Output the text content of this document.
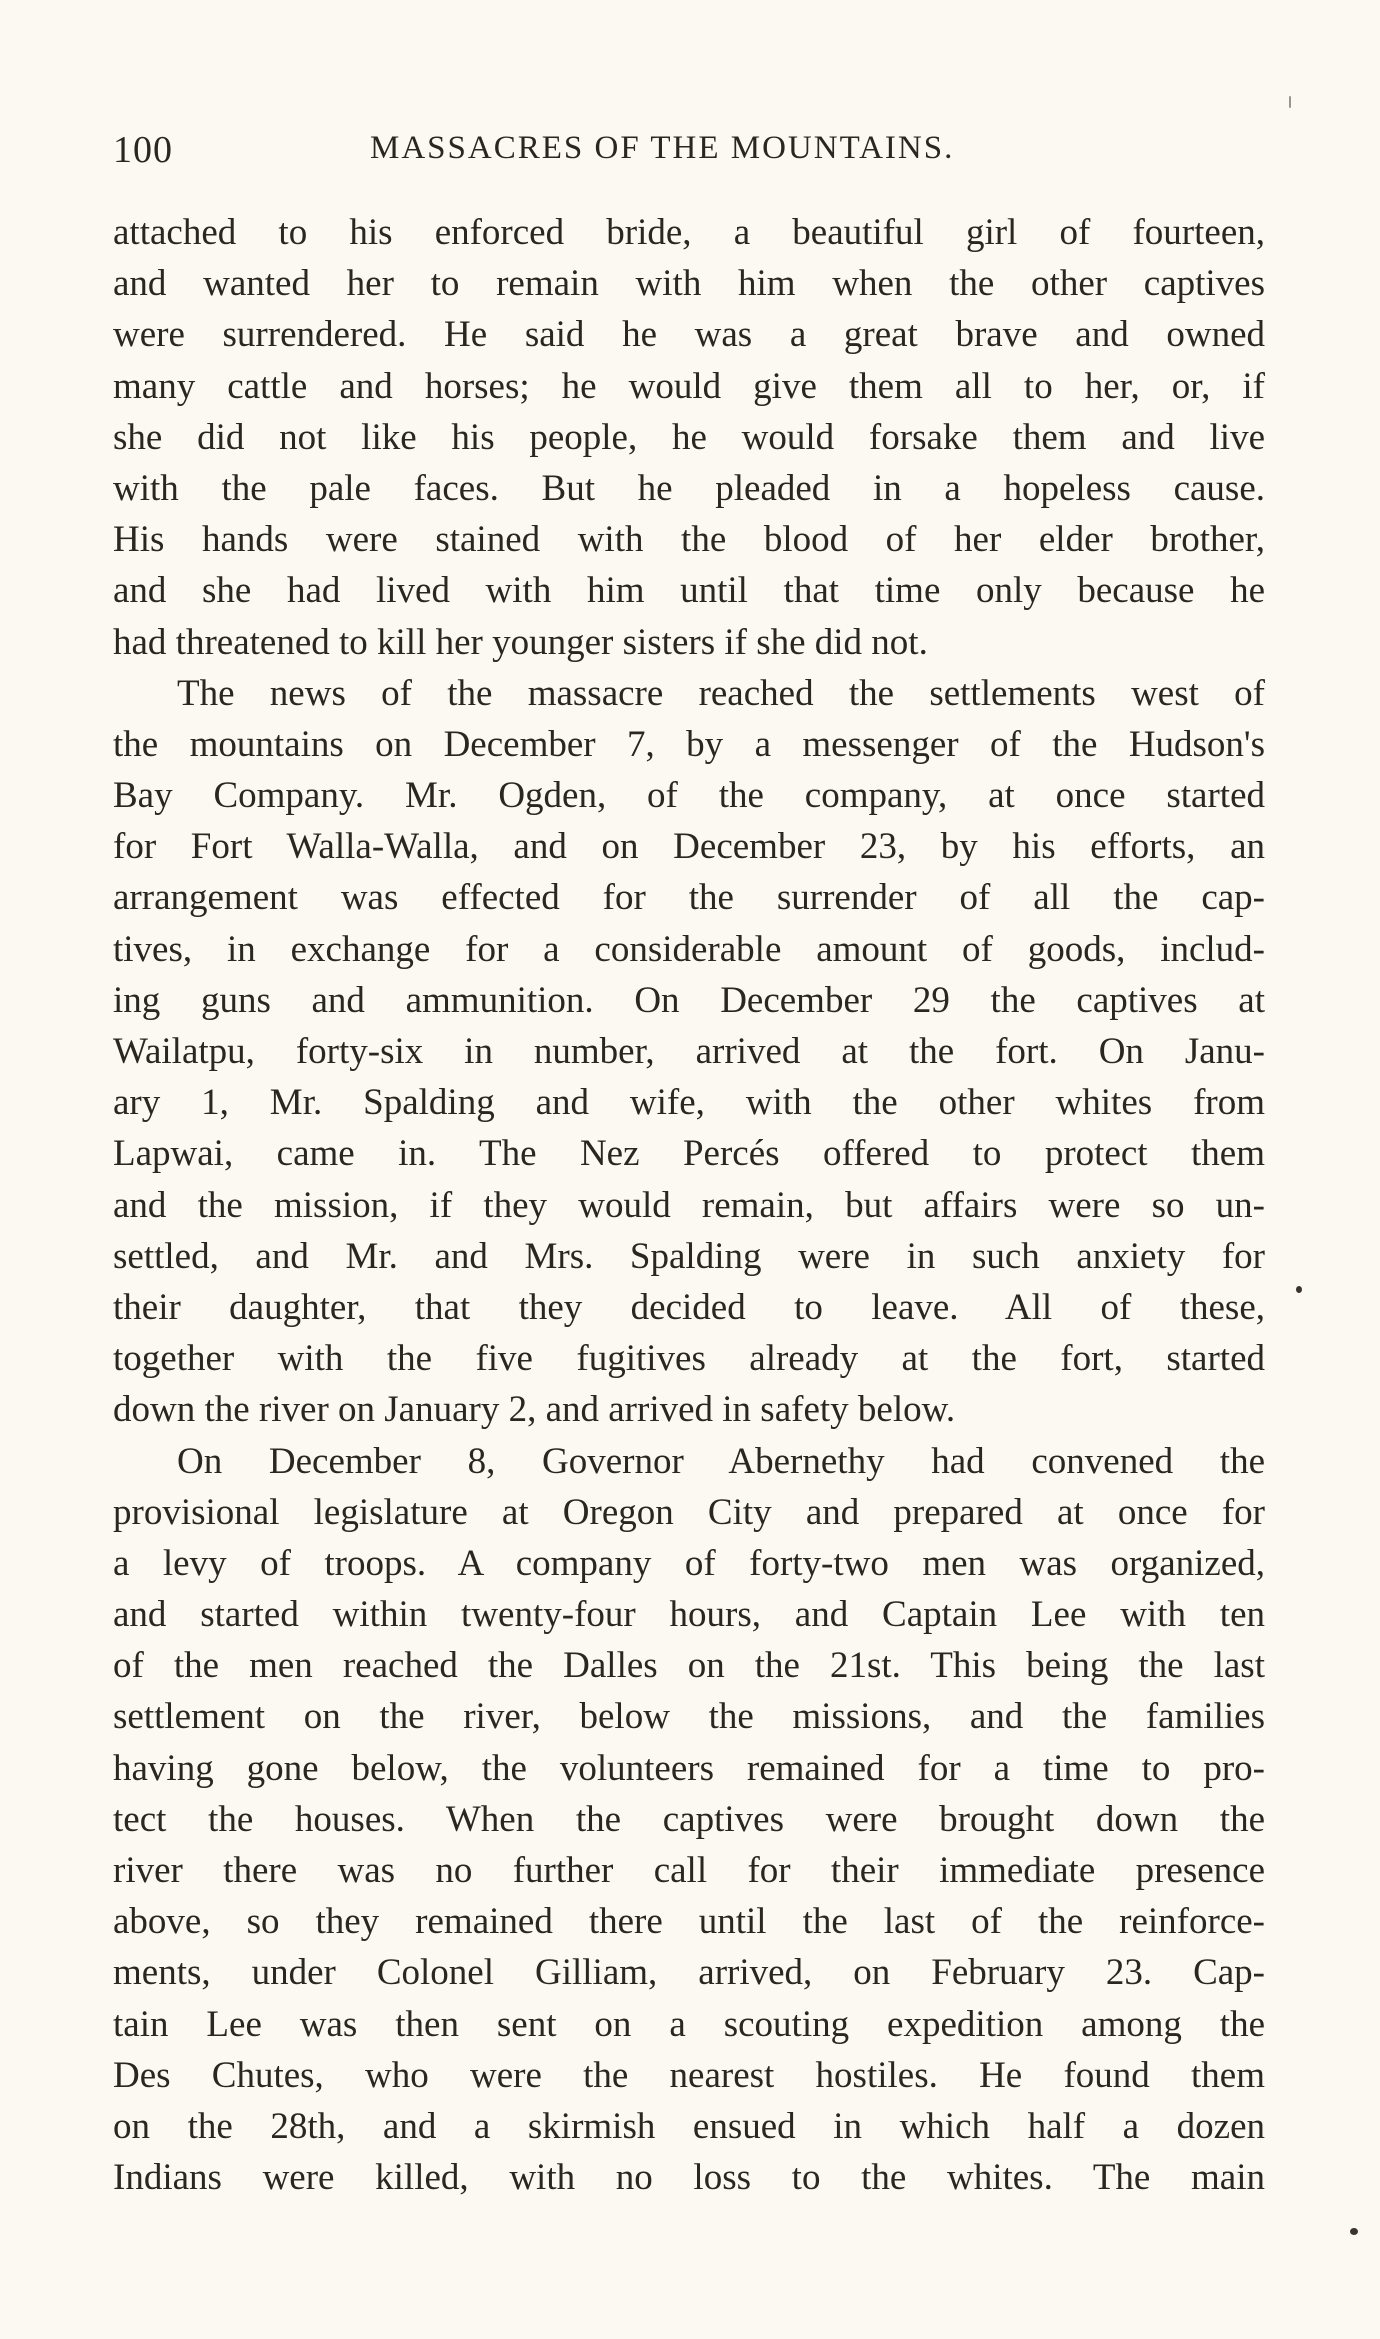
100	MASSACRES OF THE MOUNTAINS.
attached to his enforced bride, a beautiful girl of fourteen,
and wanted her to remain with him when the other captives
were surrendered. He said he was a great brave and owned
many cattle and horses; he would give them all to her, or, if
she did not like his people, he would forsake them and live
with the pale faces. But he pleaded in a hopeless cause.
His hands were stained with the blood of her elder brother,
and she had lived with him until that time only because he
had threatened to kill her younger sisters if she did not.
The news of the massacre reached the settlements west of
the mountains on December 7, by a messenger of the Hudson's
Bay Company. Mr. Ogden, of the company, at once started
for Fort Walla-Walla, and on December 23, by his efforts, an
arrangement was effected for the surrender of all the cap-
tives, in exchange for a considerable amount of goods, includ-
ing guns and ammunition. On December 29 the captives at
Wailatpu, forty-six in number, arrived at the fort. On Janu-
ary 1, Mr. Spalding and wife, with the other whites from
Lapwai, came in. The Nez Percés offered to protect them
and the mission, if they would remain, but affairs were so un-
settled, and Mr. and Mrs. Spalding were in such anxiety for
their daughter, that they decided to leave. All of these,
together with the five fugitives already at the fort, started
down the river on January 2, and arrived in safety below.
On December 8, Governor Abernethy had convened the
provisional legislature at Oregon City and prepared at once for
a levy of troops. A company of forty-two men was organized,
and started within twenty-four hours, and Captain Lee with ten
of the men reached the Dalles on the 21st. This being the last
settlement on the river, below the missions, and the families
having gone below, the volunteers remained for a time to pro-
tect the houses. When the captives were brought down the
river there was no further call for their immediate presence
above, so they remained there until the last of the reinforce-
ments, under Colonel Gilliam, arrived, on February 23. Cap-
tain Lee was then sent on a scouting expedition among the
Des Chutes, who were the nearest hostiles. He found them
on the 28th, and a skirmish ensued in which half a dozen
Indians were killed, with no loss to the whites. The main
